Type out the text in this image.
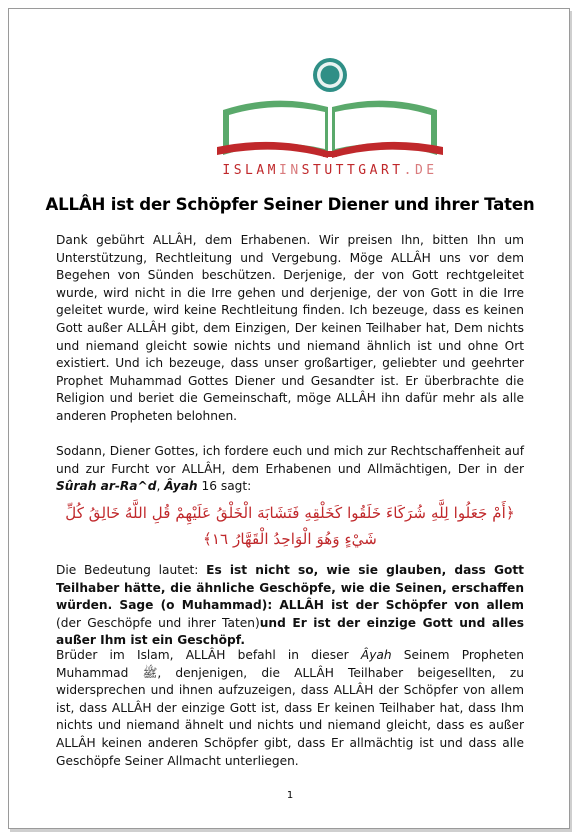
ISLAMINSTUTTGART.DE
ALLÂH ist der Schöpfer Seiner Diener und ihrer Taten

Dank gebührt ALLÂH, dem Erhabenen. Wir preisen Ihn, bitten Ihn um Unterstützung, Rechtleitung und Vergebung. Möge ALLÂH uns vor dem Begehen von Sünden beschützen. Derjenige, der von Gott rechtgeleitet wurde, wird nicht in die Irre gehen und derjenige, der von Gott in die Irre geleitet wurde, wird keine Rechtleitung finden. Ich bezeuge, dass es keinen Gott außer ALLÂH gibt, dem Einzigen, Der keinen Teilhaber hat, Dem nichts und niemand gleicht sowie nichts und niemand ähnlich ist und ohne Ort existiert. Und ich bezeuge, dass unser großartiger, geliebter und geehrter Prophet Muhammad Gottes Diener und Gesandter ist. Er überbrachte die Religion und beriet die Gemeinschaft, möge ALLÂH ihn dafür mehr als alle anderen Propheten belohnen.

Sodann, Diener Gottes, ich fordere euch und mich zur Rechtschaffenheit auf und zur Furcht vor ALLÂH, dem Erhabenen und Allmächtigen, Der in der Sûrah ar-Ra^d, Âyah 16 sagt:

﴿أَمْ جَعَلُوا لِلَّهِ شُرَكَاءَ خَلَقُوا كَخَلْقِهِ فَتَشَابَهَ الْخَلْقُ عَلَيْهِمْ قُلِ اللَّهُ خَالِقُ كُلِّ شَيْءٍ وَهُوَ الْوَاحِدُ الْقَهَّارُ ١٦﴾

Die Bedeutung lautet: Es ist nicht so, wie sie glauben, dass Gott Teilhaber hätte, die ähnliche Geschöpfe, wie die Seinen, erschaffen würden. Sage (o Muhammad): ALLÂH ist der Schöpfer von allem (der Geschöpfe und ihrer Taten)und Er ist der einzige Gott und alles außer Ihm ist ein Geschöpf.

Brüder im Islam, ALLÂH befahl in dieser Âyah Seinem Propheten Muhammad ﷺ, denjenigen, die ALLÂH Teilhaber beigesellten, zu widersprechen und ihnen aufzuzeigen, dass ALLÂH der Schöpfer von allem ist, dass ALLÂH der einzige Gott ist, dass Er keinen Teilhaber hat, dass Ihm nichts und niemand ähnelt und nichts und niemand gleicht, dass es außer ALLÂH keinen anderen Schöpfer gibt, dass Er allmächtig ist und dass alle Geschöpfe Seiner Allmacht unterliegen.

1
